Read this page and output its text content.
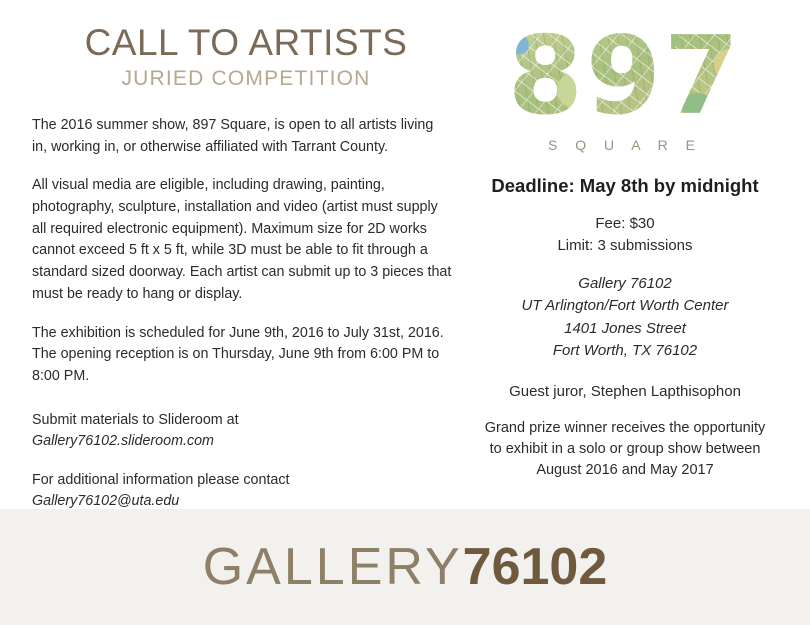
CALL TO ARTISTS
JURIED COMPETITION

The 2016 summer show, 897 Square, is open to all artists living in, working in, or otherwise affiliated with Tarrant County.

All visual media are eligible, including drawing, painting, photography, sculpture, installation and video (artist must supply all required electronic equipment). Maximum size for 2D works cannot exceed 5 ft x 5 ft, while 3D must be able to fit through a standard sized doorway. Each artist can submit up to 3 pieces that must be ready to hang or display.

The exhibition is scheduled for June 9th, 2016 to July 31st, 2016. The opening reception is on Thursday, June 9th from 6:00 PM to 8:00 PM.

Submit materials to Slideroom at
Gallery76102.slideroom.com
For additional information please contact
Gallery76102@uta.edu
897
S Q U A R E
Deadline: May 8th by midnight
Fee: $30
Limit: 3 submissions
Gallery 76102
UT Arlington/Fort Worth Center
1401 Jones Street
Fort Worth, TX 76102
Guest juror, Stephen Lapthisophon
Grand prize winner receives the opportunity
to exhibit in a solo or group show between
August 2016 and May 2017
GALLERY76102
